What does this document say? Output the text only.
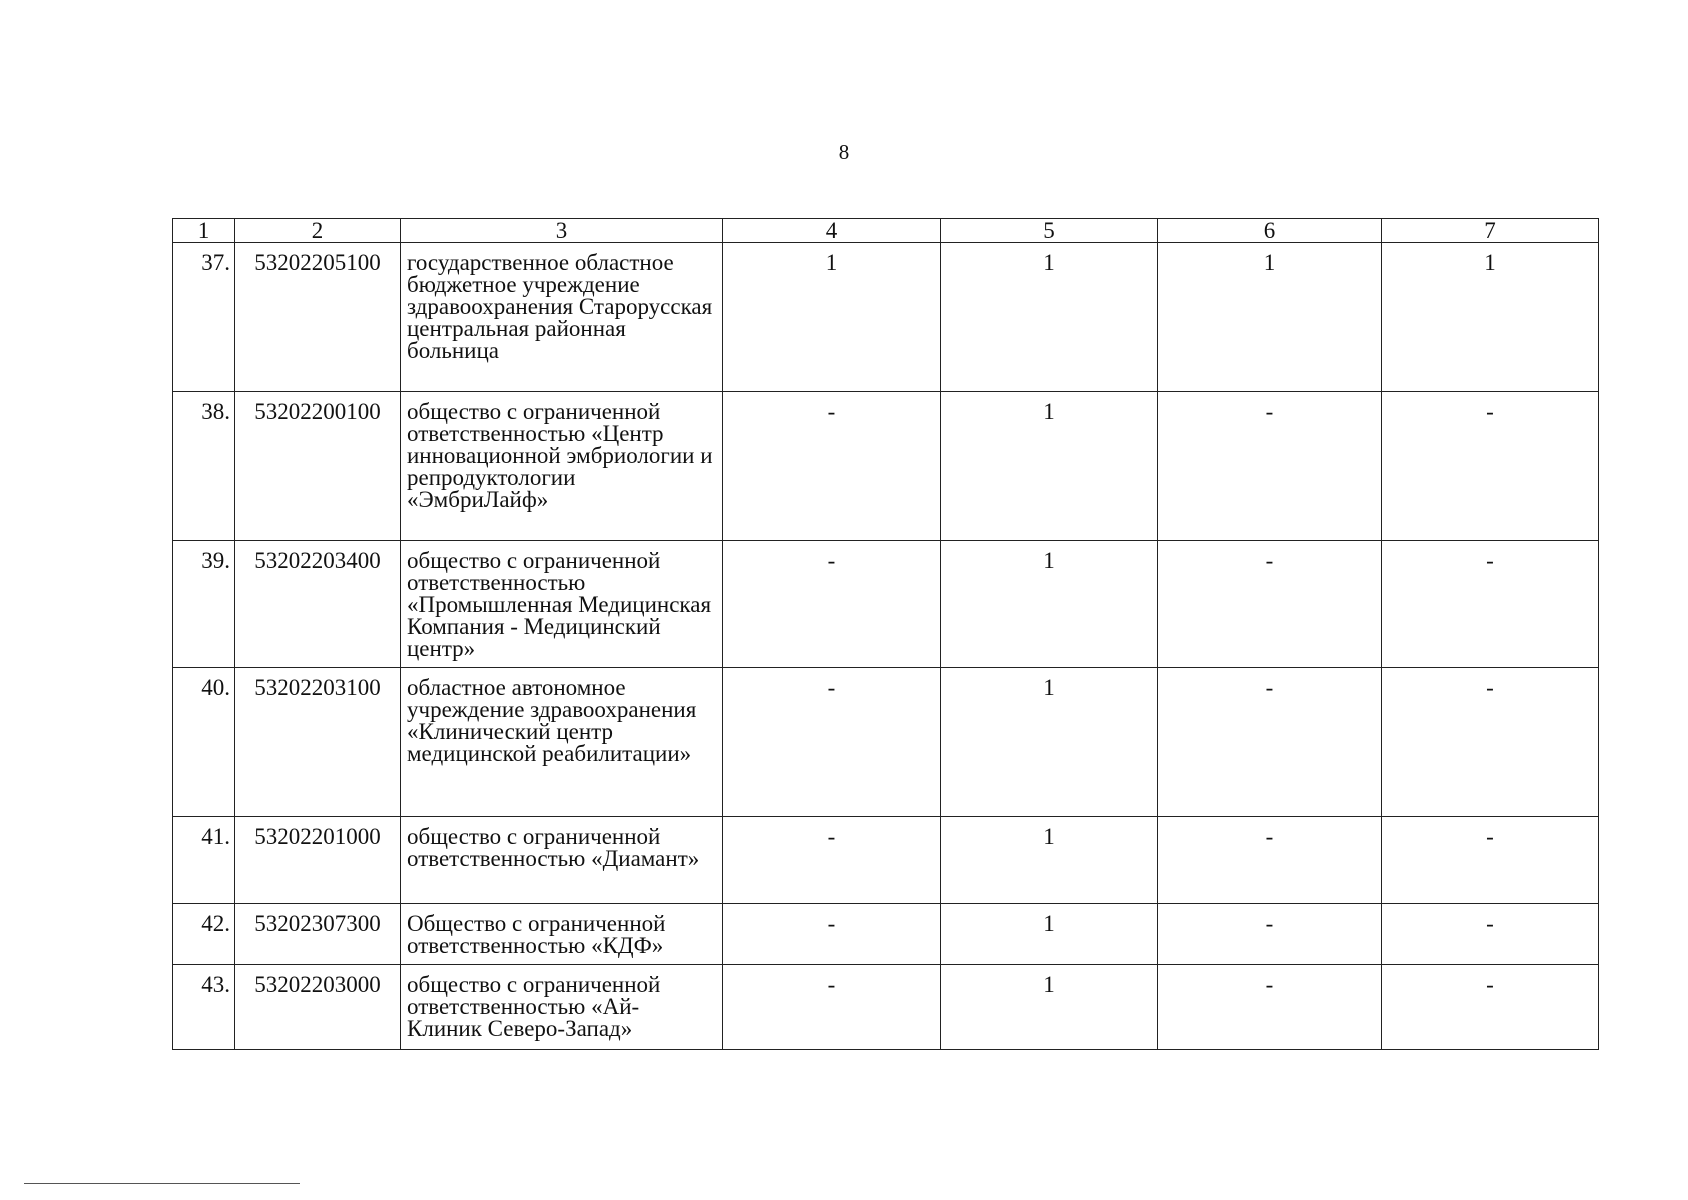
8
1	2	3	4	5	6	7
37.	53202205100	государственное областное бюджетное учреждение здравоохранения Старорусская центральная районная больница	1	1	1	1
38.	53202200100	общество с ограниченной ответственностью «Центр инновационной эмбриологии и репродуктологии «ЭмбриЛайф»	-	1	-	-
39.	53202203400	общество с ограниченной ответственностью «Промышленная Медицинская Компания - Медицинский центр»	-	1	-	-
40.	53202203100	областное автономное учреждение здравоохранения «Клинический центр медицинской реабилитации»	-	1	-	-
41.	53202201000	общество с ограниченной ответственностью «Диамант»	-	1	-	-
42.	53202307300	Общество с ограниченной ответственностью «КДФ»	-	1	-	-
43.	53202203000	общество с ограниченной ответственностью «Ай-Клиник Северо-Запад»	-	1	-	-
